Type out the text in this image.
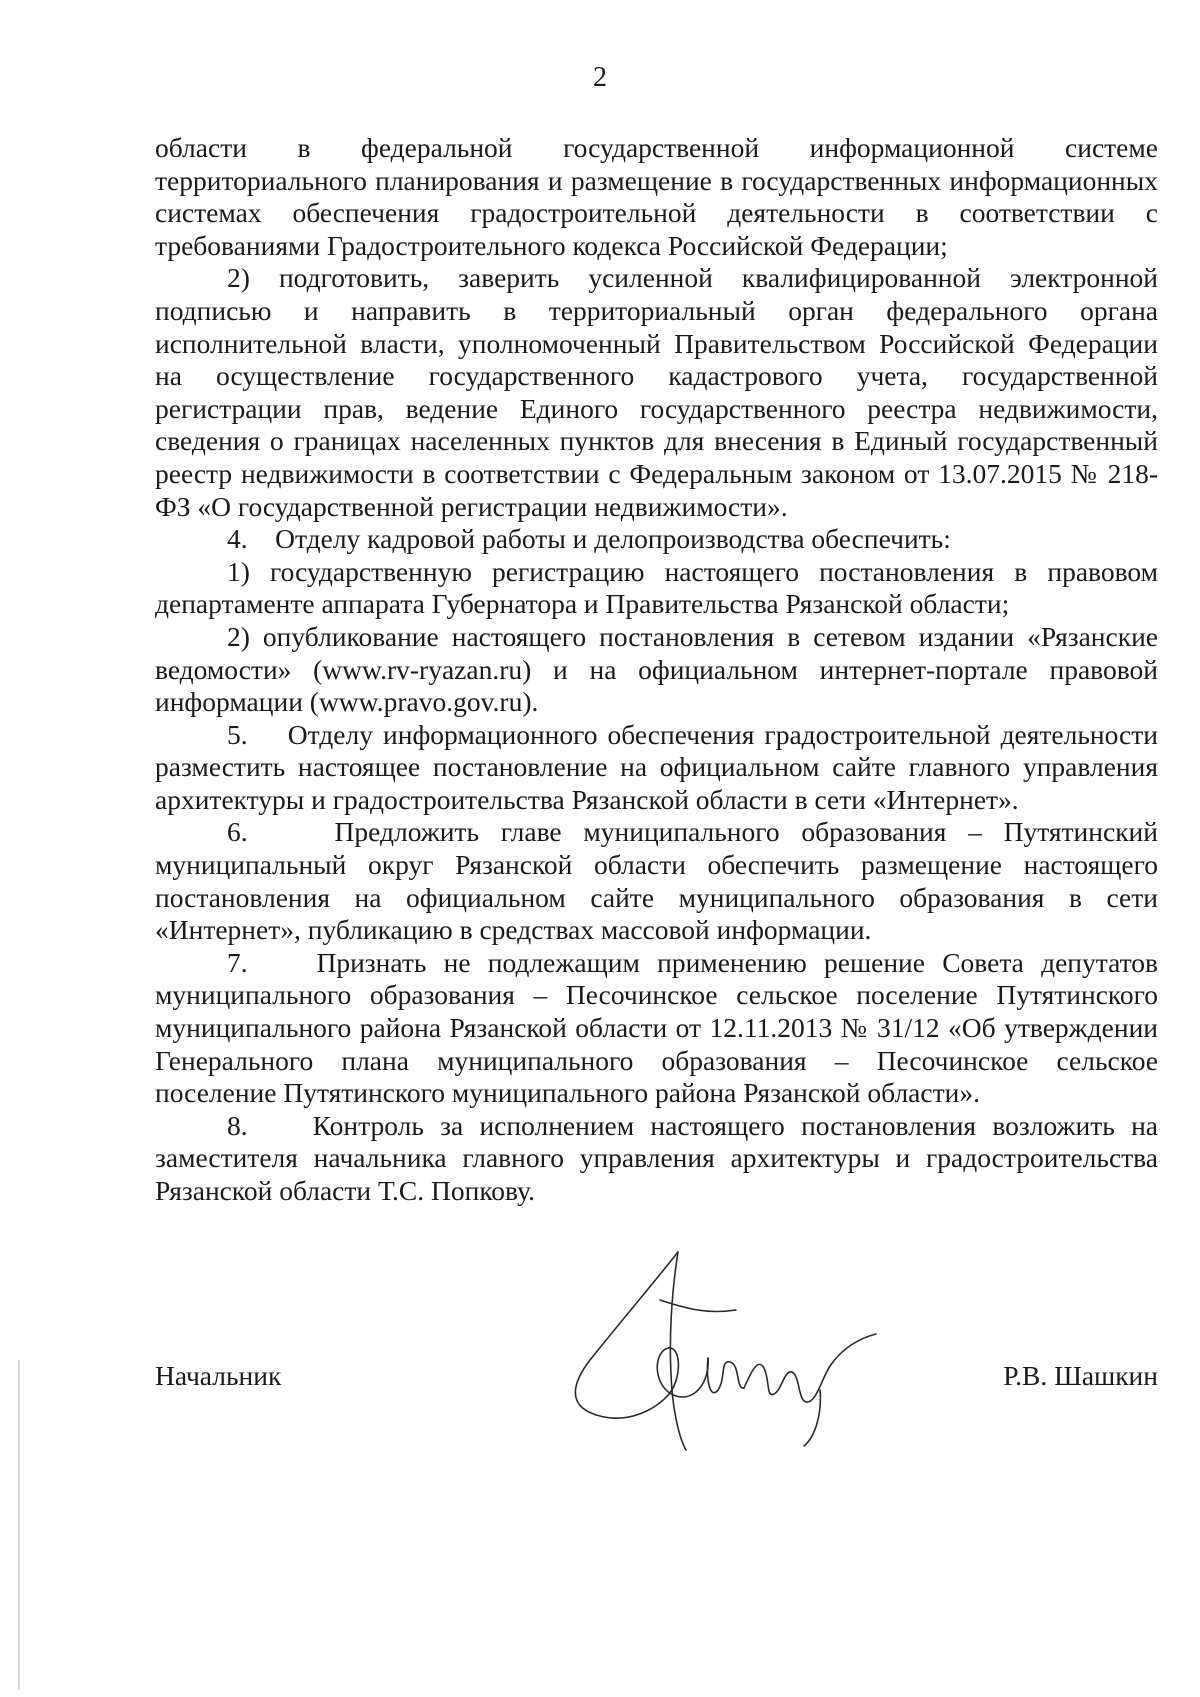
2

области в федеральной государственной информационной системе территориального планирования и размещение в государственных информационных системах обеспечения градостроительной деятельности в соответствии с требованиями Градостроительного кодекса Российской Федерации;

2) подготовить, заверить усиленной квалифицированной электронной подписью и направить в территориальный орган федерального органа исполнительной власти, уполномоченный Правительством Российской Федерации на осуществление государственного кадастрового учета, государственной регистрации прав, ведение Единого государственного реестра недвижимости, сведения о границах населенных пунктов для внесения в Единый государственный реестр недвижимости в соответствии с Федеральным законом от 13.07.2015 № 218-ФЗ «О государственной регистрации недвижимости».

4.    Отделу кадровой работы и делопроизводства обеспечить:

1) государственную регистрацию настоящего постановления в правовом департаменте аппарата Губернатора и Правительства Рязанской области;

2) опубликование настоящего постановления в сетевом издании «Рязанские ведомости» (www.rv-ryazan.ru) и на официальном интернет-портале правовой информации (www.pravo.gov.ru).

5.    Отделу информационного обеспечения градостроительной деятельности разместить настоящее постановление на официальном сайте главного управления архитектуры и градостроительства Рязанской области в сети «Интернет».

6.    Предложить главе муниципального образования – Путятинский муниципальный округ Рязанской области обеспечить размещение настоящего постановления на официальном сайте муниципального образования в сети «Интернет», публикацию в средствах массовой информации.

7.    Признать не подлежащим применению решение Совета депутатов муниципального образования – Песочинское сельское поселение Путятинского муниципального района Рязанской области от 12.11.2013 № 31/12 «Об утверждении Генерального плана муниципального образования – Песочинское сельское поселение Путятинского муниципального района Рязанской области».

8.    Контроль за исполнением настоящего постановления возложить на заместителя начальника главного управления архитектуры и градостроительства Рязанской области Т.С. Попкову.

Начальник	Р.В. Шашкин
